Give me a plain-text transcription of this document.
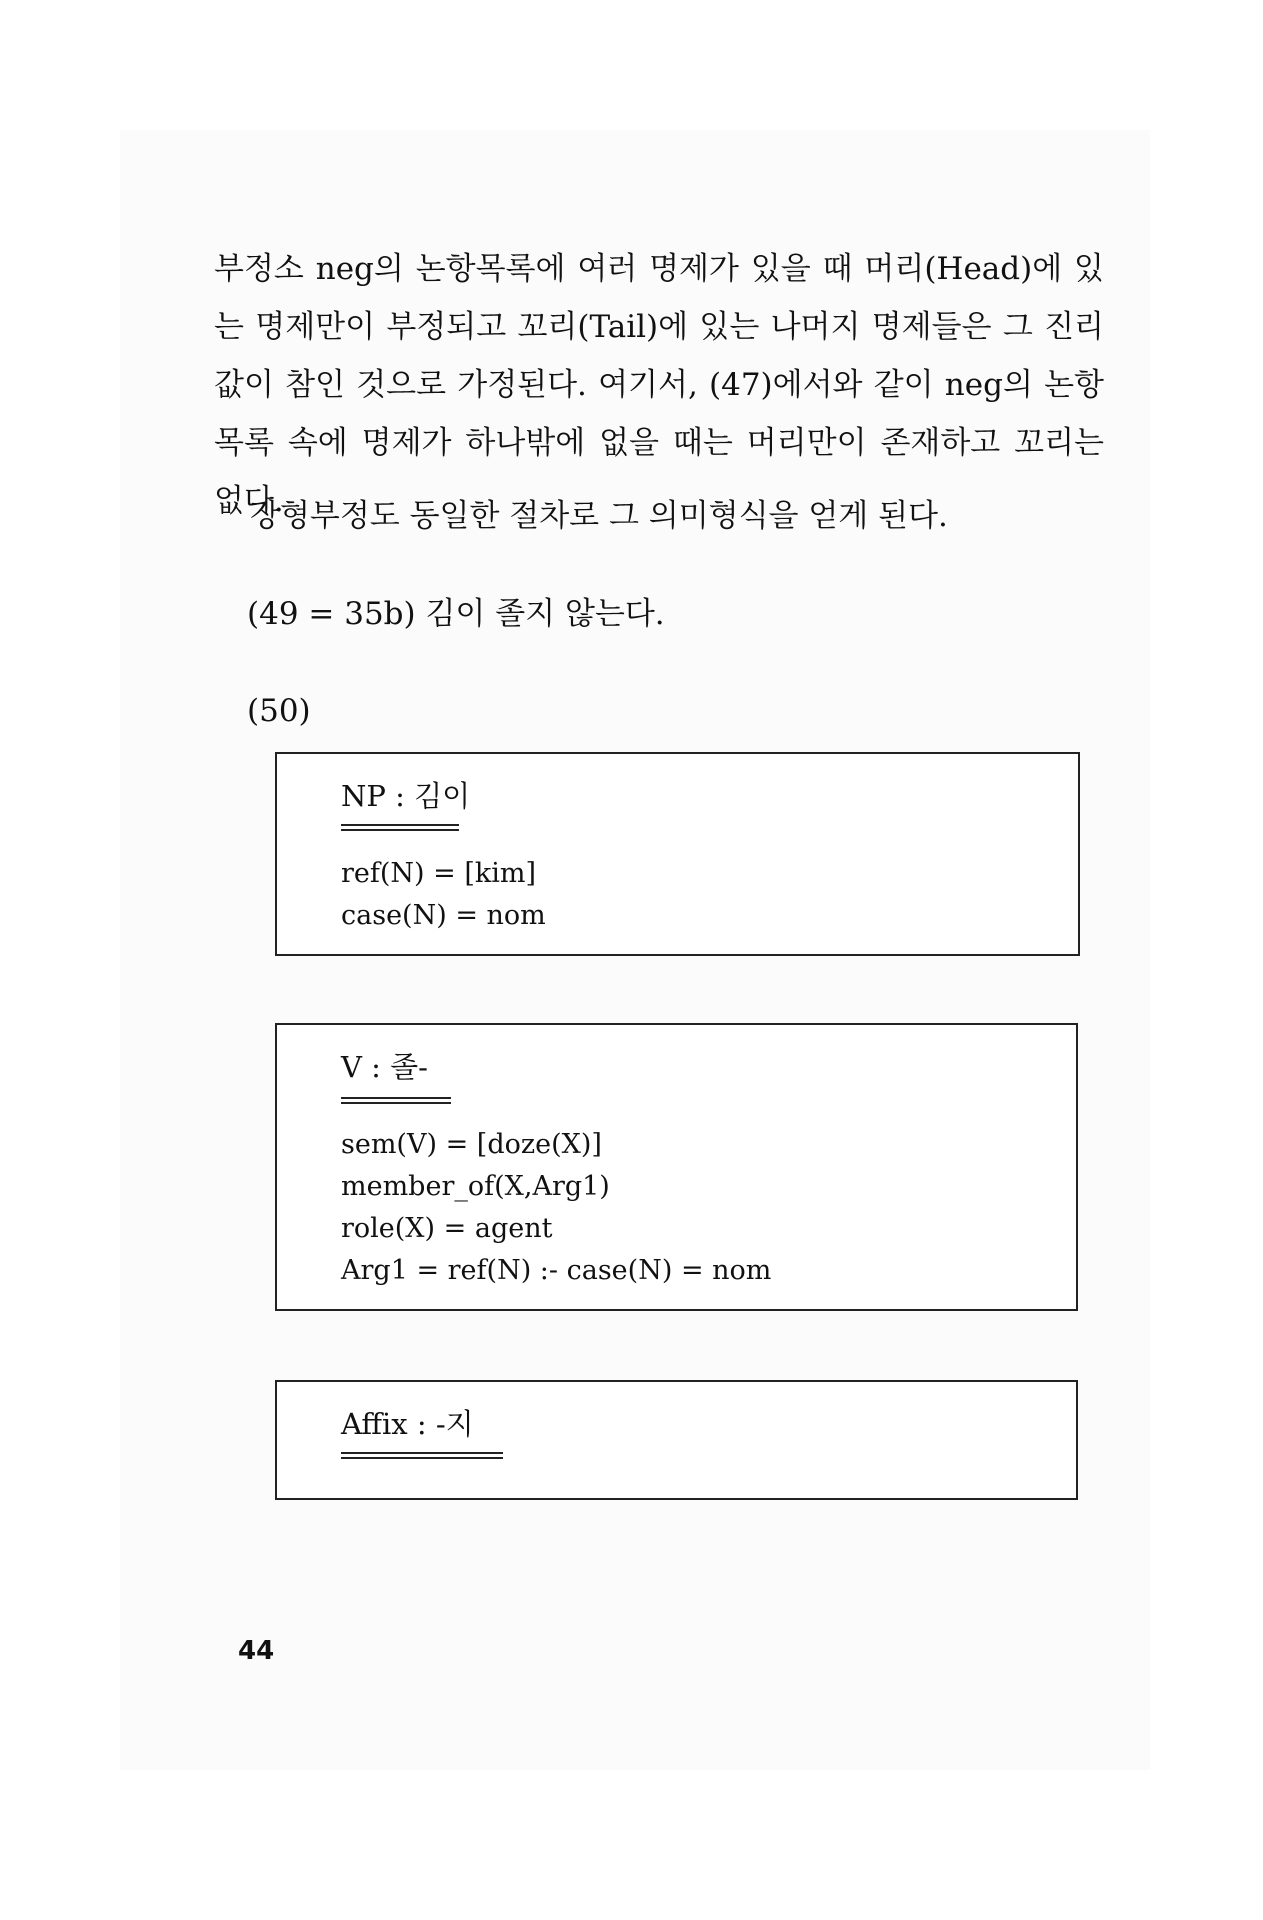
부정소 neg의 논항목록에 여러 명제가 있을 때 머리(Head)에 있는 명제만이 부정되고 꼬리(Tail)에 있는 나머지 명제들은 그 진리값이 참인 것으로 가정된다. 여기서, (47)에서와 같이 neg의 논항목록 속에 명제가 하나밖에 없을 때는 머리만이 존재하고 꼬리는 없다.

장형부정도 동일한 절차로 그 의미형식을 얻게 된다.

(49 = 35b) 김이 졸지 않는다.
(50)
NP : 김이
ref(N) = [kim]
case(N) = nom
V : 졸-
sem(V) = [doze(X)]
member_of(X,Arg1)
role(X) = agent
Arg1 = ref(N) :- case(N) = nom
Affix : -지
44
